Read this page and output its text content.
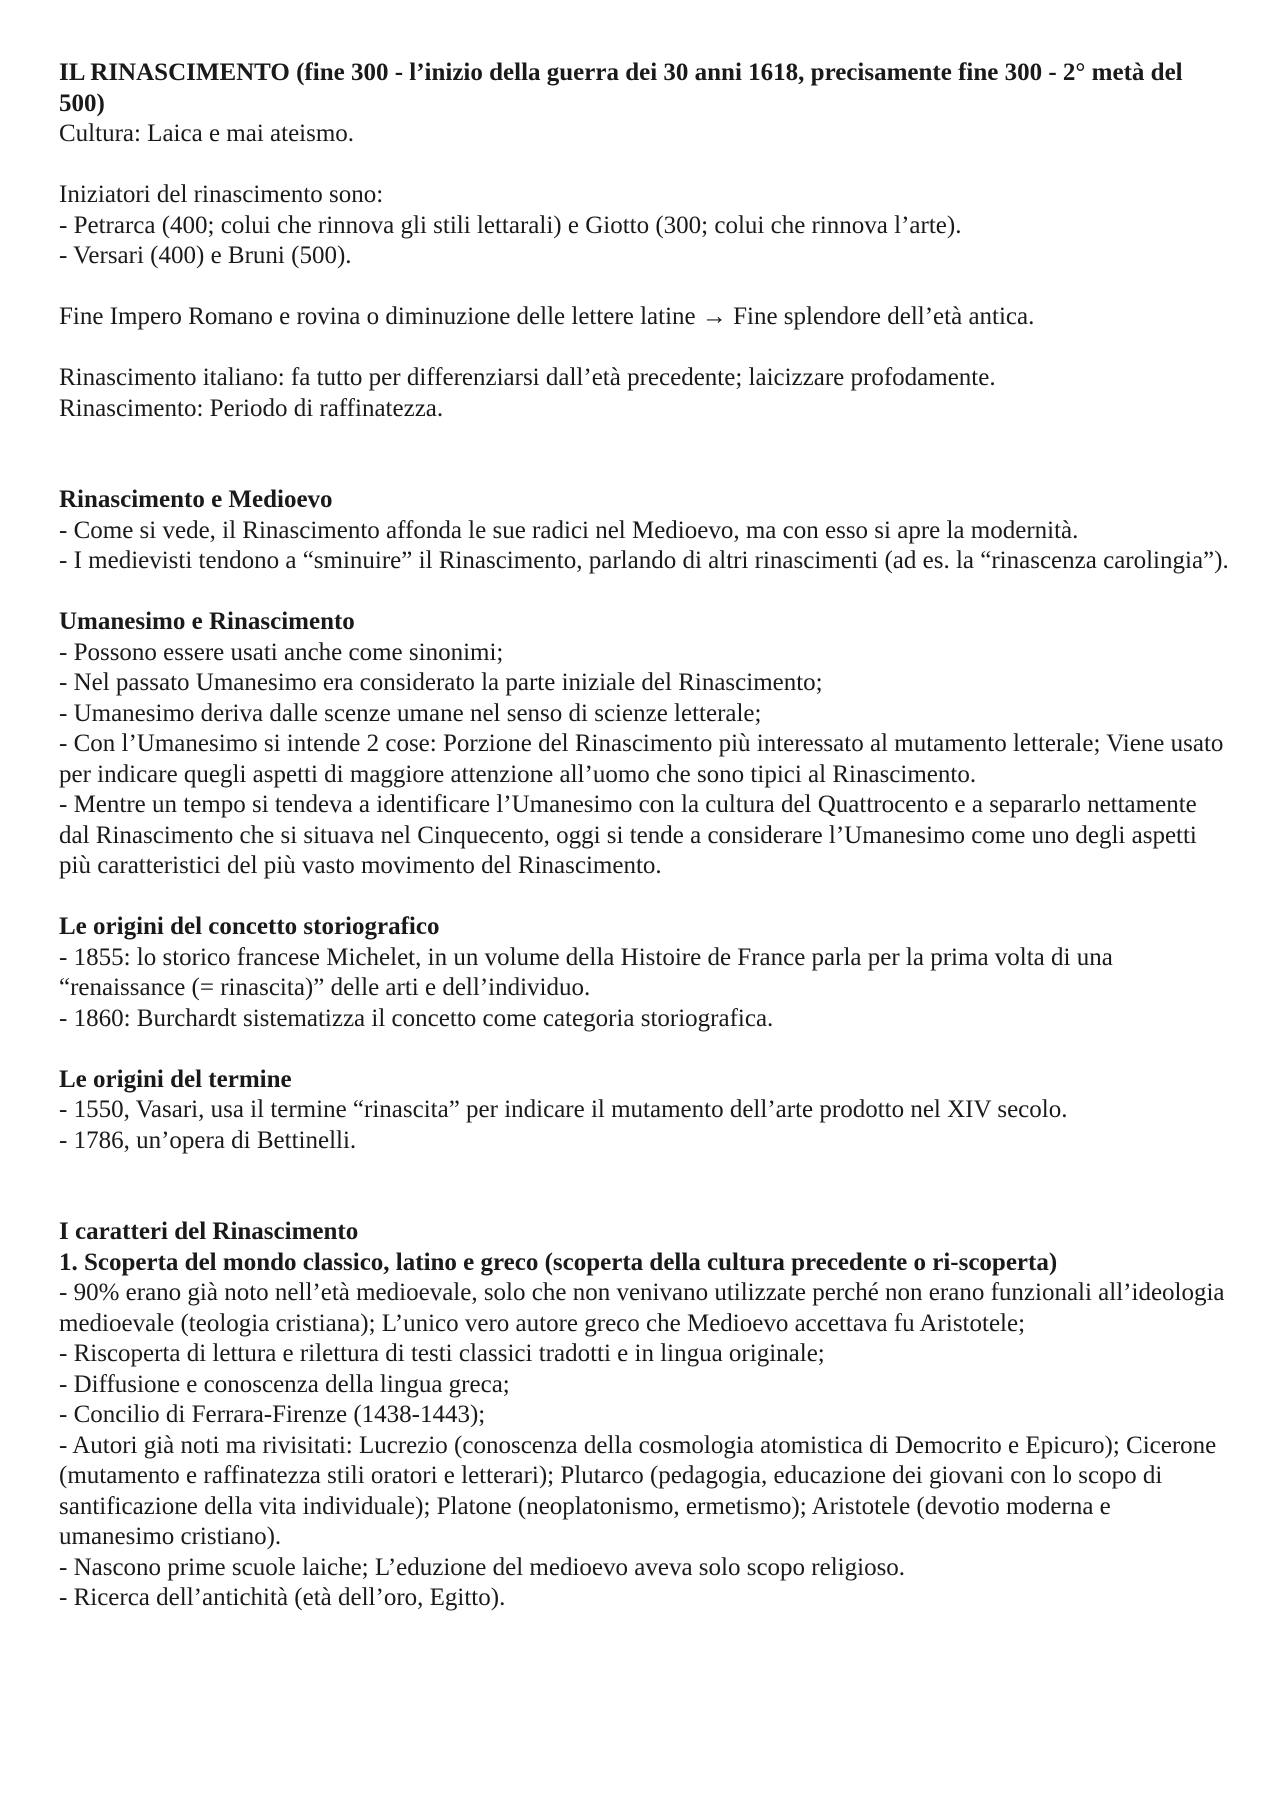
IL RINASCIMENTO (fine 300 - l’inizio della guerra dei 30 anni 1618, precisamente fine 300 - 2° metà del 500)
Cultura: Laica e mai ateismo.
Iniziatori del rinascimento sono:
- Petrarca (400; colui che rinnova gli stili lettarali) e Giotto (300; colui che rinnova l’arte).
- Versari (400) e Bruni (500).
Fine Impero Romano e rovina o diminuzione delle lettere latine → Fine splendore dell’età antica.
Rinascimento italiano: fa tutto per differenziarsi dall’età precedente; laicizzare profodamente.
Rinascimento: Periodo di raffinatezza.
Rinascimento e Medioevo
- Come si vede, il Rinascimento affonda le sue radici nel Medioevo, ma con esso si apre la modernità.
- I medievisti tendono a “sminuire” il Rinascimento, parlando di altri rinascimenti (ad es. la “rinascenza carolingia”).
Umanesimo e Rinascimento
- Possono essere usati anche come sinonimi;
- Nel passato Umanesimo era considerato la parte iniziale del Rinascimento;
- Umanesimo deriva dalle scenze umane nel senso di scienze letterale;
- Con l’Umanesimo si intende 2 cose: Porzione del Rinascimento più interessato al mutamento letterale; Viene usato per indicare quegli aspetti di maggiore attenzione all’uomo che sono tipici al Rinascimento.
- Mentre un tempo si tendeva a identificare l’Umanesimo con la cultura del Quattrocento e a separarlo nettamente dal Rinascimento che si situava nel Cinquecento, oggi si tende a considerare l’Umanesimo come uno degli aspetti più caratteristici del più vasto movimento del Rinascimento.
Le origini del concetto storiografico
- 1855: lo storico francese Michelet, in un volume della Histoire de France parla per la prima volta di una “renaissance (= rinascita)” delle arti e dell’individuo.
- 1860: Burchardt sistematizza il concetto come categoria storiografica.
Le origini del termine
- 1550, Vasari, usa il termine “rinascita” per indicare il mutamento dell’arte prodotto nel XIV secolo.
- 1786, un’opera di Bettinelli.
I caratteri del Rinascimento
1. Scoperta del mondo classico, latino e greco (scoperta della cultura precedente o ri-scoperta)
- 90% erano già noto nell’età medioevale, solo che non venivano utilizzate perché non erano funzionali all’ideologia medioevale (teologia cristiana); L’unico vero autore greco che Medioevo accettava fu Aristotele;
- Riscoperta di lettura e rilettura di testi classici tradotti e in lingua originale;
- Diffusione e conoscenza della lingua greca;
- Concilio di Ferrara-Firenze (1438-1443);
- Autori già noti ma rivisitati: Lucrezio (conoscenza della cosmologia atomistica di Democrito e Epicuro); Cicerone (mutamento e raffinatezza stili oratori e letterari); Plutarco (pedagogia, educazione dei giovani con lo scopo di santificazione della vita individuale); Platone (neoplatonismo, ermetismo); Aristotele (devotio moderna e umanesimo cristiano).
- Nascono prime scuole laiche; L’eduzione del medioevo aveva solo scopo religioso.
- Ricerca dell’antichità (età dell’oro, Egitto).
